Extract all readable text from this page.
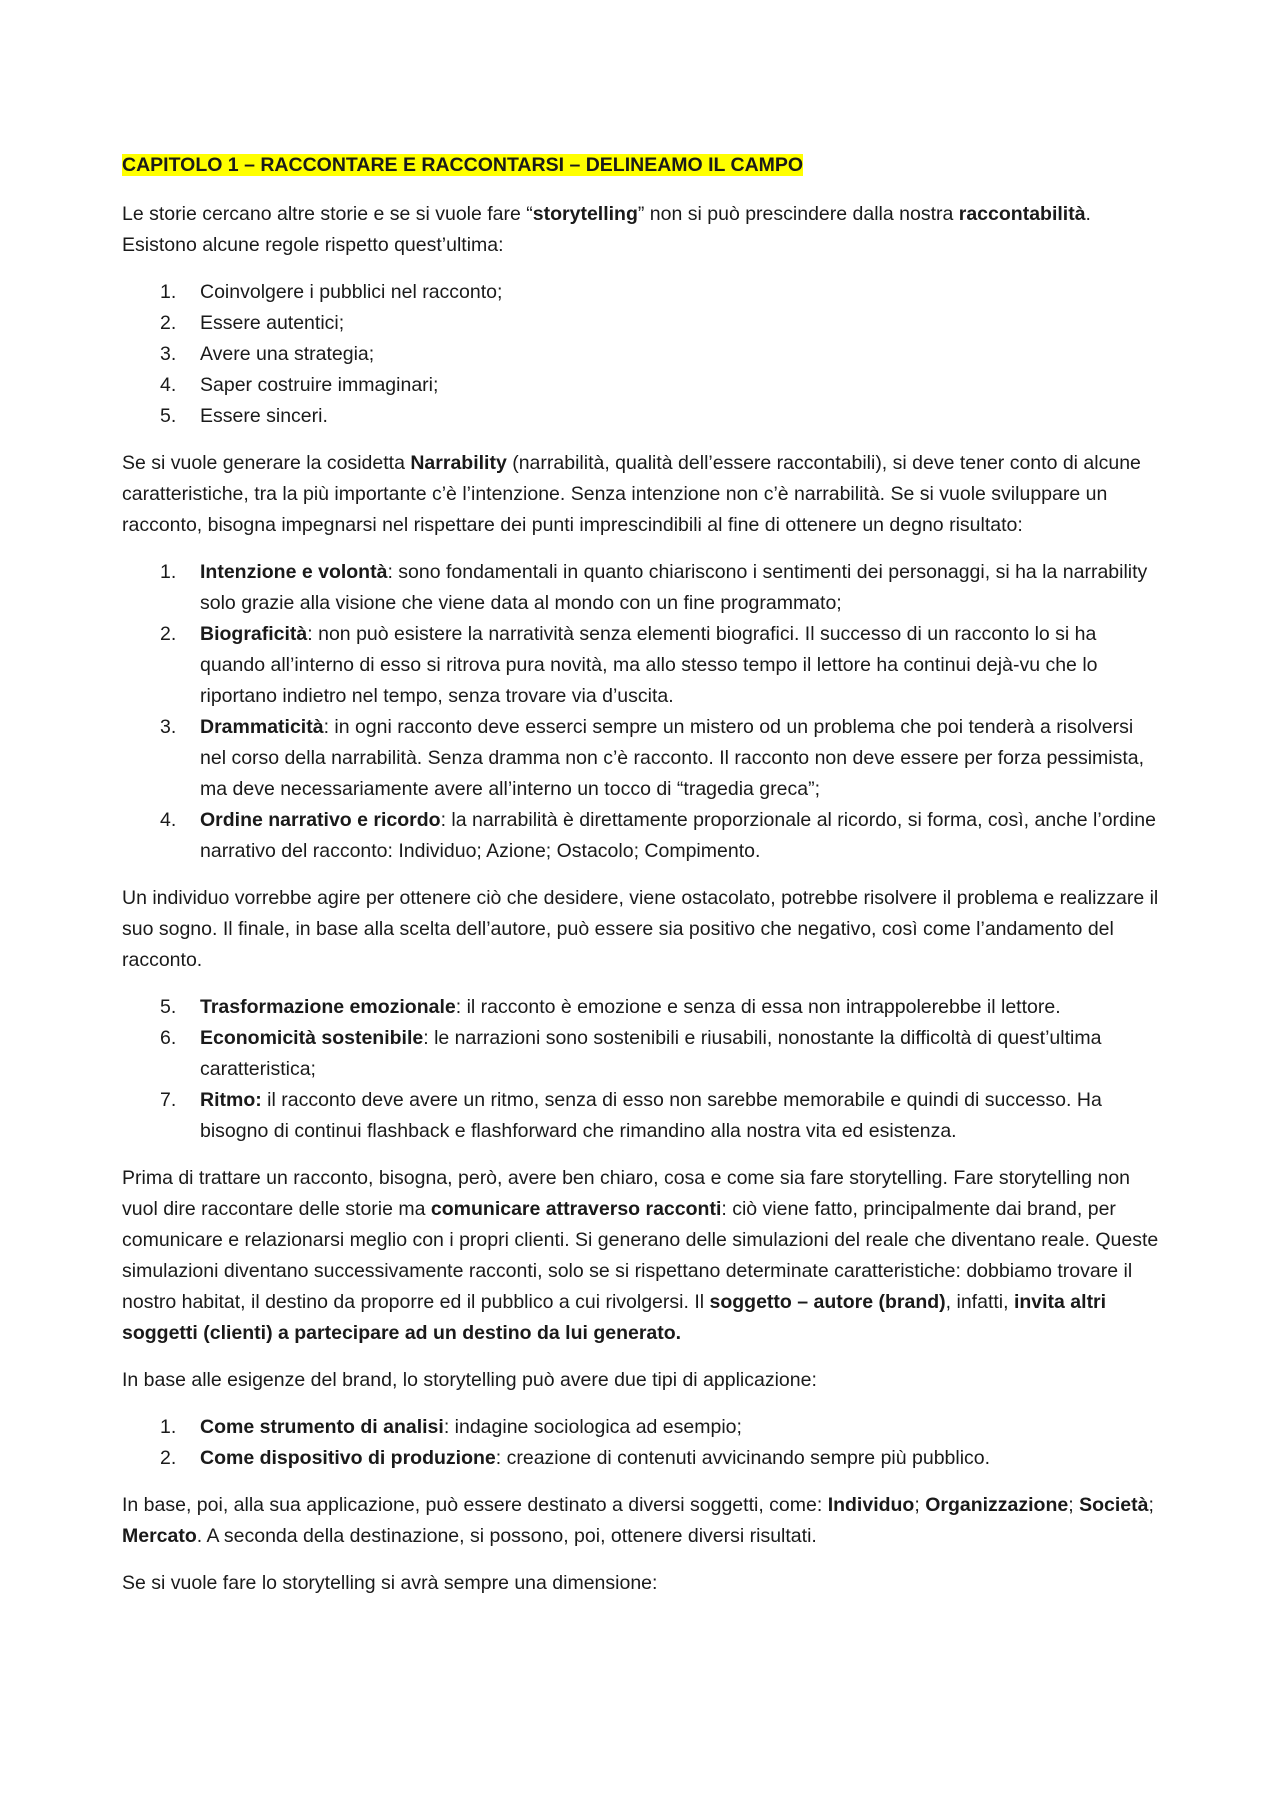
CAPITOLO 1 – RACCONTARE E RACCONTARSI – DELINEAMO IL CAMPO

Le storie cercano altre storie e se si vuole fare “storytelling” non si può prescindere dalla nostra raccontabilità. Esistono alcune regole rispetto quest’ultima:

1. Coinvolgere i pubblici nel racconto;
2. Essere autentici;
3. Avere una strategia;
4. Saper costruire immaginari;
5. Essere sinceri.

Se si vuole generare la cosidetta Narrability (narrabilità, qualità dell’essere raccontabili), si deve tener conto di alcune caratteristiche, tra la più importante c’è l’intenzione. Senza intenzione non c’è narrabilità. Se si vuole sviluppare un racconto, bisogna impegnarsi nel rispettare dei punti imprescindibili al fine di ottenere un degno risultato:

1. Intenzione e volontà: sono fondamentali in quanto chiariscono i sentimenti dei personaggi, si ha la narrability solo grazie alla visione che viene data al mondo con un fine programmato;
2. Biograficità: non può esistere la narratività senza elementi biografici. Il successo di un racconto lo si ha quando all’interno di esso si ritrova pura novità, ma allo stesso tempo il lettore ha continui dejà-vu che lo riportano indietro nel tempo, senza trovare via d’uscita.
3. Drammaticità: in ogni racconto deve esserci sempre un mistero od un problema che poi tenderà a risolversi nel corso della narrabilità. Senza dramma non c’è racconto. Il racconto non deve essere per forza pessimista, ma deve necessariamente avere all’interno un tocco di “tragedia greca”;
4. Ordine narrativo e ricordo: la narrabilità è direttamente proporzionale al ricordo, si forma, così, anche l’ordine narrativo del racconto: Individuo; Azione; Ostacolo; Compimento.

Un individuo vorrebbe agire per ottenere ciò che desidere, viene ostacolato, potrebbe risolvere il problema e realizzare il suo sogno. Il finale, in base alla scelta dell’autore, può essere sia positivo che negativo, così come l’andamento del racconto.

5. Trasformazione emozionale: il racconto è emozione e senza di essa non intrappolerebbe il lettore.
6. Economicità sostenibile: le narrazioni sono sostenibili e riusabili, nonostante la difficoltà di quest’ultima caratteristica;
7. Ritmo: il racconto deve avere un ritmo, senza di esso non sarebbe memorabile e quindi di successo. Ha bisogno di continui flashback e flashforward che rimandino alla nostra vita ed esistenza.

Prima di trattare un racconto, bisogna, però, avere ben chiaro, cosa e come sia fare storytelling. Fare storytelling non vuol dire raccontare delle storie ma comunicare attraverso racconti: ciò viene fatto, principalmente dai brand, per comunicare e relazionarsi meglio con i propri clienti. Si generano delle simulazioni del reale che diventano reale. Queste simulazioni diventano successivamente racconti, solo se si rispettano determinate caratteristiche: dobbiamo trovare il nostro habitat, il destino da proporre ed il pubblico a cui rivolgersi. Il soggetto – autore (brand), infatti, invita altri soggetti (clienti) a partecipare ad un destino da lui generato.

In base alle esigenze del brand, lo storytelling può avere due tipi di applicazione:

1. Come strumento di analisi: indagine sociologica ad esempio;
2. Come dispositivo di produzione: creazione di contenuti avvicinando sempre più pubblico.

In base, poi, alla sua applicazione, può essere destinato a diversi soggetti, come: Individuo; Organizzazione; Società; Mercato. A seconda della destinazione, si possono, poi, ottenere diversi risultati.

Se si vuole fare lo storytelling si avrà sempre una dimensione:
